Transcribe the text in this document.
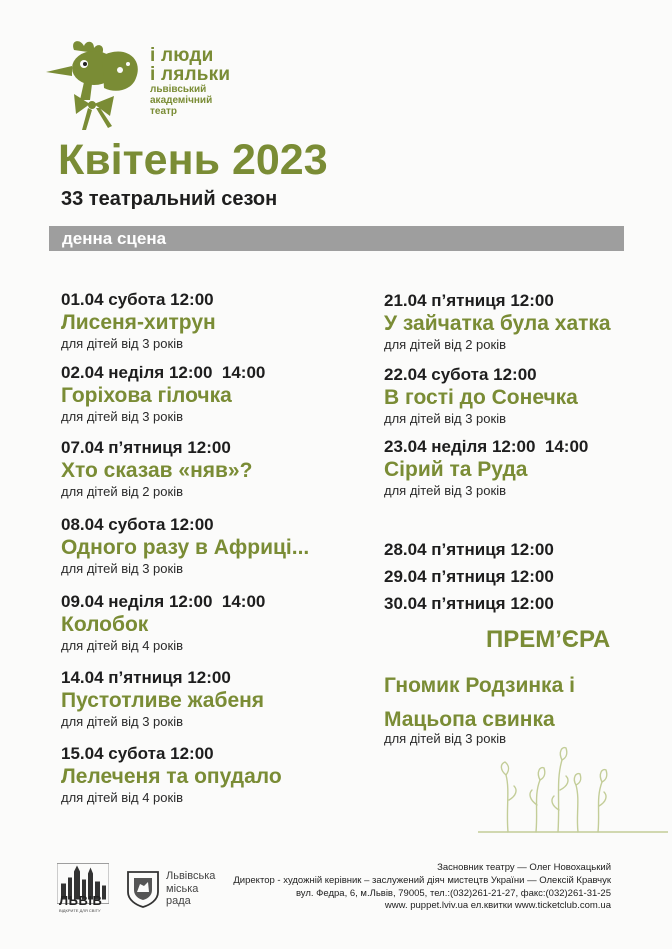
і люди
і ляльки
львівський
академічний
театр
Квітень 2023
33 театральний сезон
денна сцена
01.04 субота 12:00
Лисеня-хитрун
для дітей від 3 років
02.04 неділя 12:00  14:00
Горіхова гілочка
для дітей від 3 років
07.04 п’ятниця 12:00
Хто сказав «няв»?
для дітей від 2 років
08.04 субота 12:00
Одного разу в Африці...
для дітей від 3 років
09.04 неділя 12:00  14:00
Колобок
для дітей від 4 років
14.04 п’ятниця 12:00
Пустотливе жабеня
для дітей від 3 років
15.04 субота 12:00
Лелеченя та опудало
для дітей від 4 років
21.04 п’ятниця 12:00
У зайчатка була хатка
для дітей від 2 років
22.04 субота 12:00
В гості до Сонечка
для дітей від 3 років
23.04 неділя 12:00  14:00
Сірий та Руда
для дітей від 3 років
28.04 п’ятниця 12:00
29.04 п’ятниця 12:00
30.04 п’ятниця 12:00
ПРЕМ’ЄРА
Гномик Родзинка і
Мацьопа свинка
для дітей від 3 років
ЛЬВІВ
ВІДКРИТЕ ДЛЯ СВІТУ
Львівська
міська
рада
Засновник театру — Олег Новохацький
Директор - художній керівник – заслужений діяч мистецтв України — Олексій Кравчук
вул. Федра, 6, м.Львів, 79005, тел.:(032)261-21-27, факс:(032)261-31-25
www. puppet.lviv.ua ел.квитки www.ticketclub.com.ua
